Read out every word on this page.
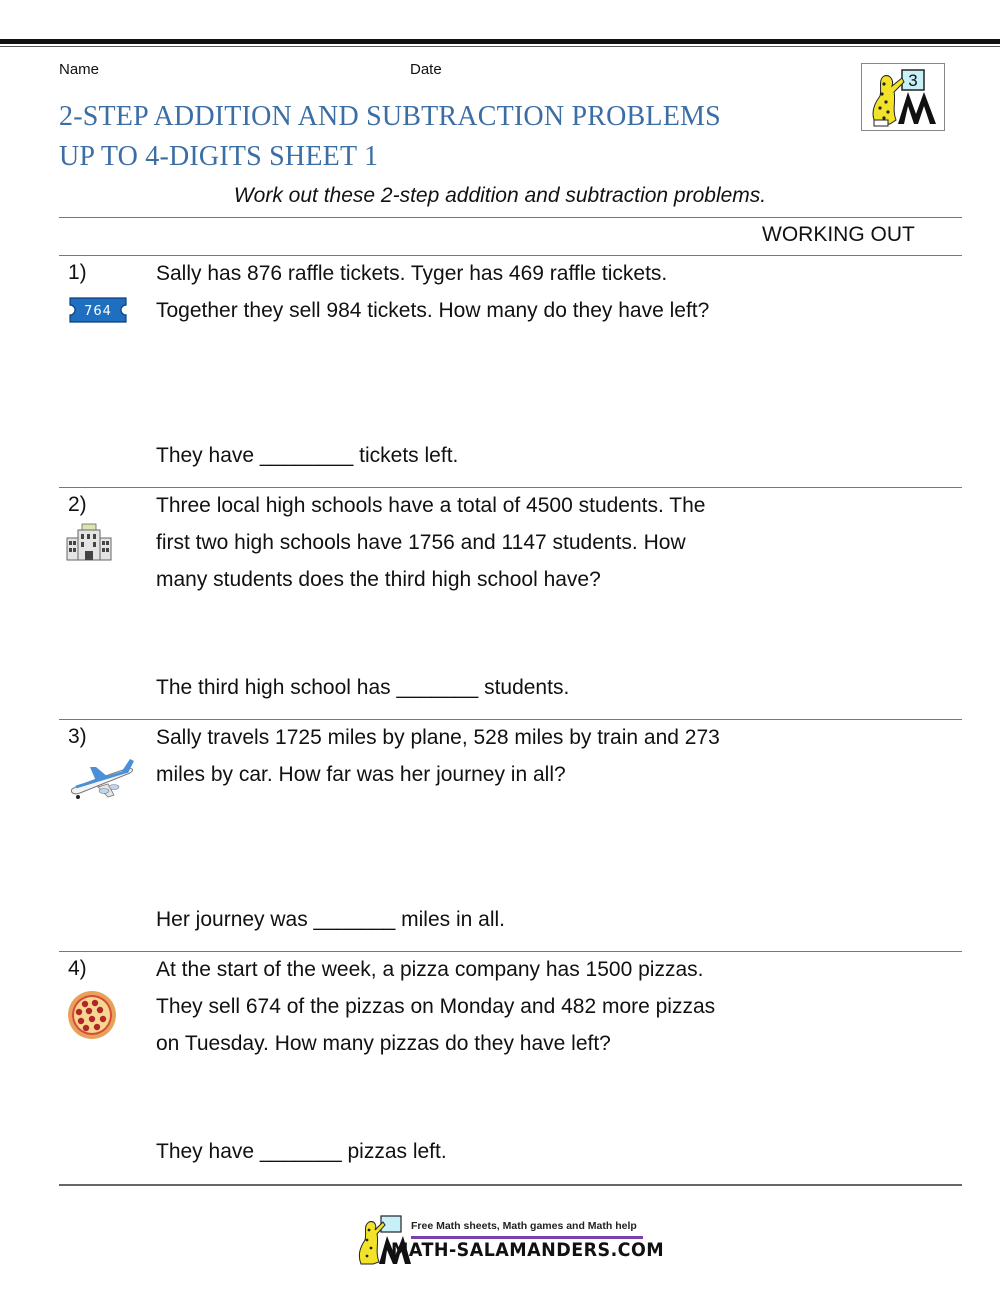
Name	Date
3
2-STEP ADDITION AND SUBTRACTION PROBLEMS
UP TO 4-DIGITS SHEET 1
Work out these 2-step addition and subtraction problems.
WORKING OUT
1)
764
Sally has 876 raffle tickets. Tyger has 469 raffle tickets. Together they sell 984 tickets. How many do they have left?
They have ________ tickets left.
2)	Three local high schools have a total of 4500 students. The first two high schools have 1756 and 1147 students. How many students does the third high school have?
The third high school has _______ students.
3)	Sally travels 1725 miles by plane, 528 miles by train and 273 miles by car. How far was her journey in all?
Her journey was _______ miles in all.
4)	At the start of the week, a pizza company has 1500 pizzas. They sell 674 of the pizzas on Monday and 482 more pizzas on Tuesday. How many pizzas do they have left?
They have _______ pizzas left.
Free Math sheets, Math games and Math help
MATH-SALAMANDERS.COM
